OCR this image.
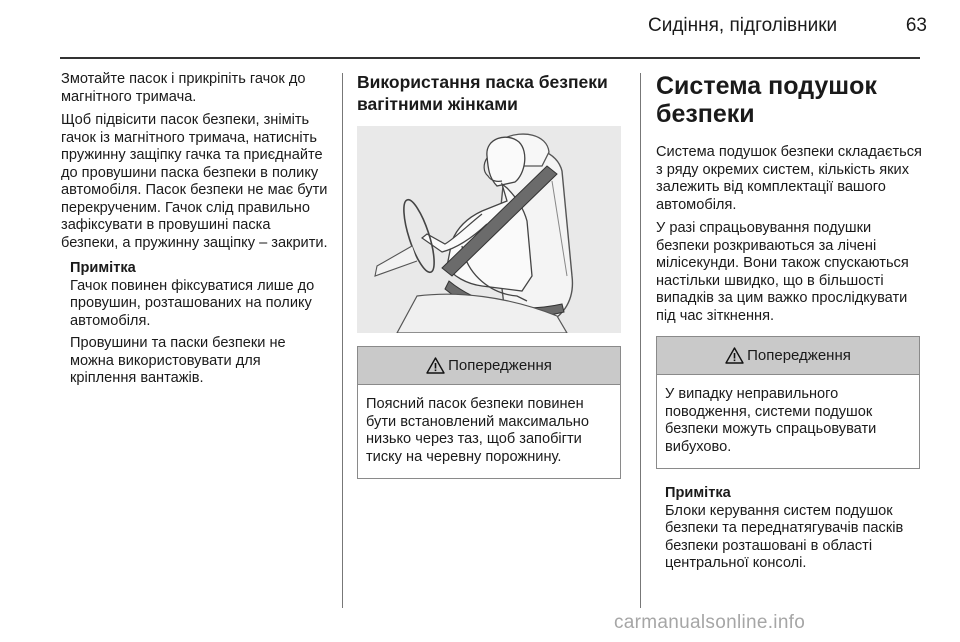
Сидіння, підголівники	63

Змотайте пасок і прикріпіть гачок до магнітного тримача.

Щоб підвісити пасок безпеки, зніміть гачок із магнітного тримача, натисніть пружинну защіпку гачка та приєднайте до провушини паска безпеки в полику автомобіля. Пасок безпеки не має бути перекрученим. Гачок слід правильно зафіксувати в провушині паска безпеки, а пружинну защіпку – закрити.

Примітка

Гачок повинен фіксуватися лише до провушин, розташованих на полику автомобіля.

Провушини та паски безпеки не можна використовувати для кріплення вантажів.

Використання паска безпеки вагітними жінками
Попередження

Поясний пасок безпеки повинен бути встановлений максимально низько через таз, щоб запобігти тиску на черевну порожнину.

Система подушок безпеки

Система подушок безпеки складається з ряду окремих систем, кількість яких залежить від комплектації вашого автомобіля.

У разі спрацьовування подушки безпеки розкриваються за лічені мілісекунди. Вони також спускаються настільки швидко, що в більшості випадків за цим важко прослідкувати під час зіткнення.

Попередження

У випадку неправильного поводження, системи подушок безпеки можуть спрацьовувати вибухово.

Примітка

Блоки керування систем подушок безпеки та переднатягувачів пасків безпеки розташовані в області центральної консолі.

carmanualsonline.info
